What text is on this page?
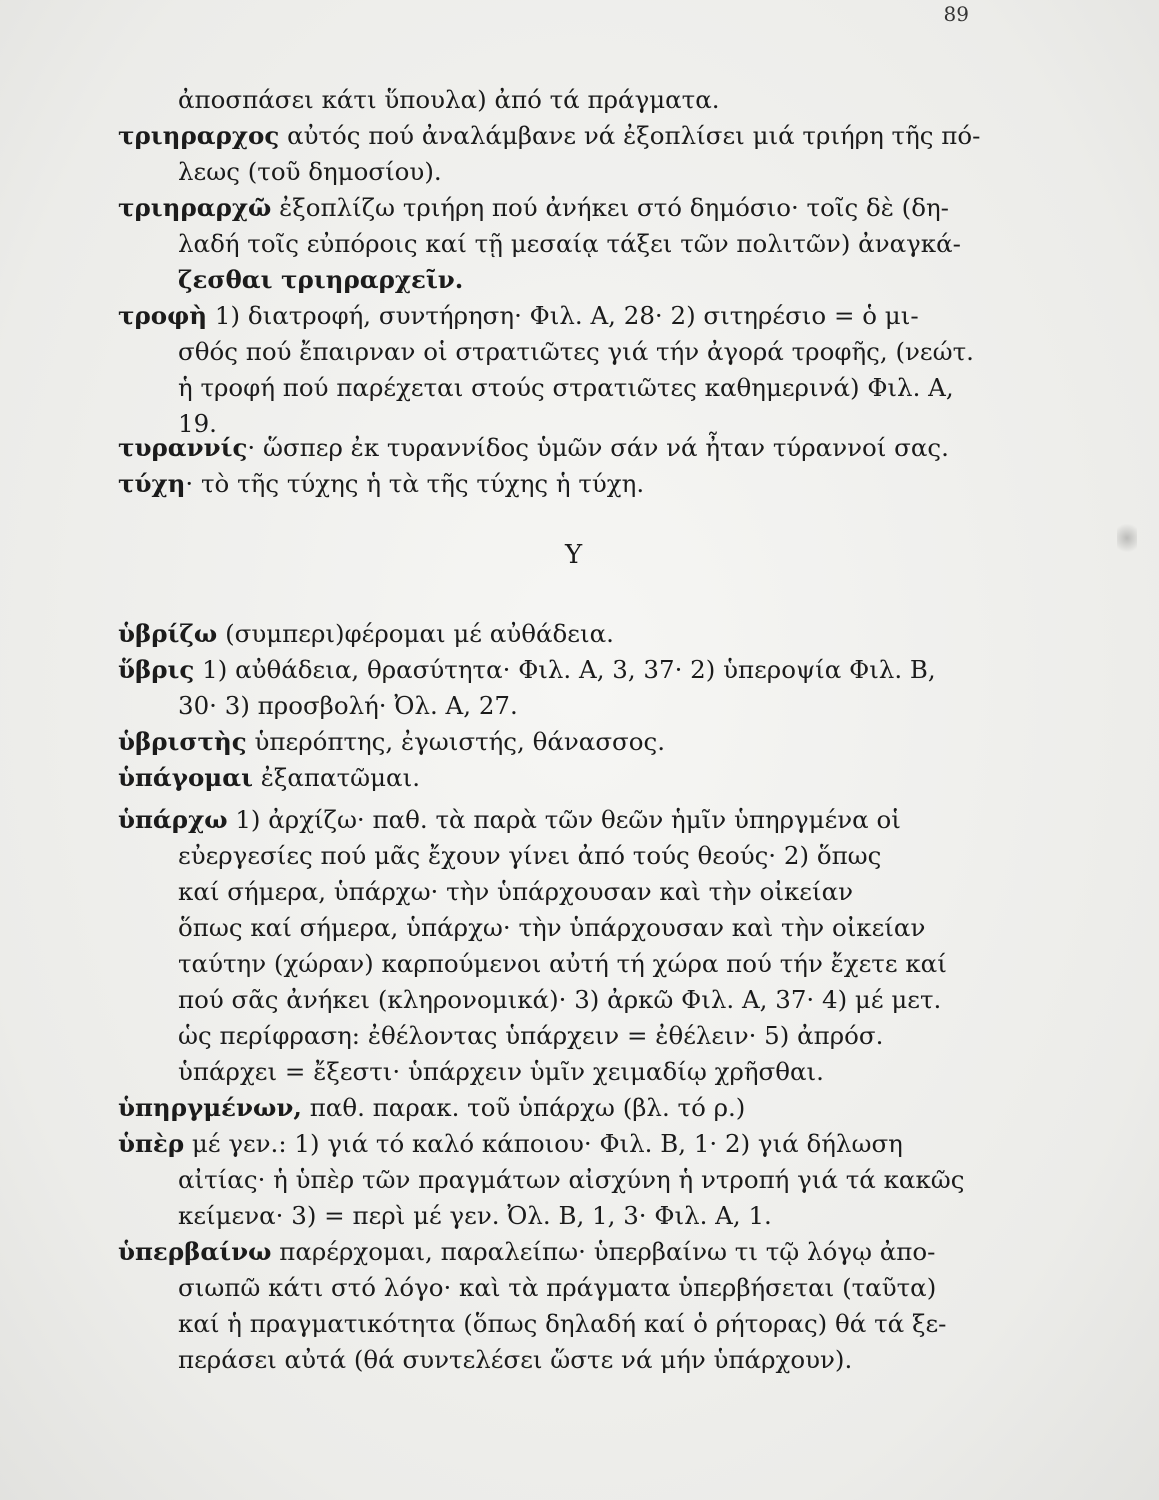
89
ἀποσπάσει κάτι ὕπουλα) ἀπό τά πράγματα.
τριηραρχος αὐτός πού ἀναλάμβανε νά ἐξοπλίσει μιά τριήρη τῆς πό-
λεως (τοῦ δημοσίου).
τριηραρχῶ ἐξοπλίζω τριήρη πού ἀνήκει στό δημόσιο· τοῖς δὲ (δη-
λαδή τοῖς εὐπόροις καί τῇ μεσαίᾳ τάξει τῶν πολιτῶν) ἀναγκά-
ζεσθαι τριηραρχεῖν.
τροφὴ 1) διατροφή, συντήρηση· Φιλ. Α, 28· 2) σιτηρέσιο = ὁ μι-
σθός πού ἔπαιρναν οἱ στρατιῶτες γιά τήν ἀγορά τροφῆς, (νεώτ.
ἡ τροφή πού παρέχεται στούς στρατιῶτες καθημερινά) Φιλ. Α,
19.
τυραννίς· ὥσπερ ἐκ τυραννίδος ὑμῶν σάν νά ἦταν τύραννοί σας.
τύχη· τὸ τῆς τύχης ἡ τὰ τῆς τύχης ἡ τύχη.
Υ
ὑβρίζω (συμπερι)φέρομαι μέ αὐθάδεια.
ὕβρις 1) αὐθάδεια, θρασύτητα· Φιλ. Α, 3, 37· 2) ὑπεροψία Φιλ. Β,
30· 3) προσβολή· Ὀλ. Α, 27.
ὑβριστὴς ὑπερόπτης, ἐγωιστής, θάνασσος.
ὑπάγομαι ἐξαπατῶμαι.
ὑπάρχω 1) ἀρχίζω· παθ. τὰ παρὰ τῶν θεῶν ἡμῖν ὑπηργμένα οἱ
εὐεργεσίες πού μᾶς ἔχουν γίνει ἀπό τούς θεούς· 2) ὅπως
καί σήμερα, ὑπάρχω· τὴν ὑπάρχουσαν καὶ τὴν οἰκείαν
ὅπως καί σήμερα, ὑπάρχω· τὴν ὑπάρχουσαν καὶ τὴν οἰκείαν
ταύτην (χώραν) καρπούμενοι αὐτή τή χώρα πού τήν ἔχετε καί
πού σᾶς ἀνήκει (κληρονομικά)· 3) ἀρκῶ Φιλ. Α, 37· 4) μέ μετ.
ὡς περίφραση: ἐθέλοντας ὑπάρχειν = ἐθέλειν· 5) ἀπρόσ.
ὑπάρχει = ἔξεστι· ὑπάρχειν ὑμῖν χειμαδίῳ χρῆσθαι.
ὑπηργμένων, παθ. παρακ. τοῦ ὑπάρχω (βλ. τό ρ.)
ὑπὲρ μέ γεν.: 1) γιά τό καλό κάποιου· Φιλ. Β, 1· 2) γιά δήλωση
αἰτίας· ἡ ὑπὲρ τῶν πραγμάτων αἰσχύνη ἡ ντροπή γιά τά κακῶς
κείμενα· 3) = περὶ μέ γεν. Ὀλ. Β, 1, 3· Φιλ. Α, 1.
ὑπερβαίνω παρέρχομαι, παραλείπω· ὑπερβαίνω τι τῷ λόγῳ ἀπο-
σιωπῶ κάτι στό λόγο· καὶ τὰ πράγματα ὑπερβήσεται (ταῦτα)
καί ἡ πραγματικότητα (ὅπως δηλαδή καί ὁ ρήτορας) θά τά ξε-
περάσει αὐτά (θά συντελέσει ὥστε νά μήν ὑπάρχουν).
